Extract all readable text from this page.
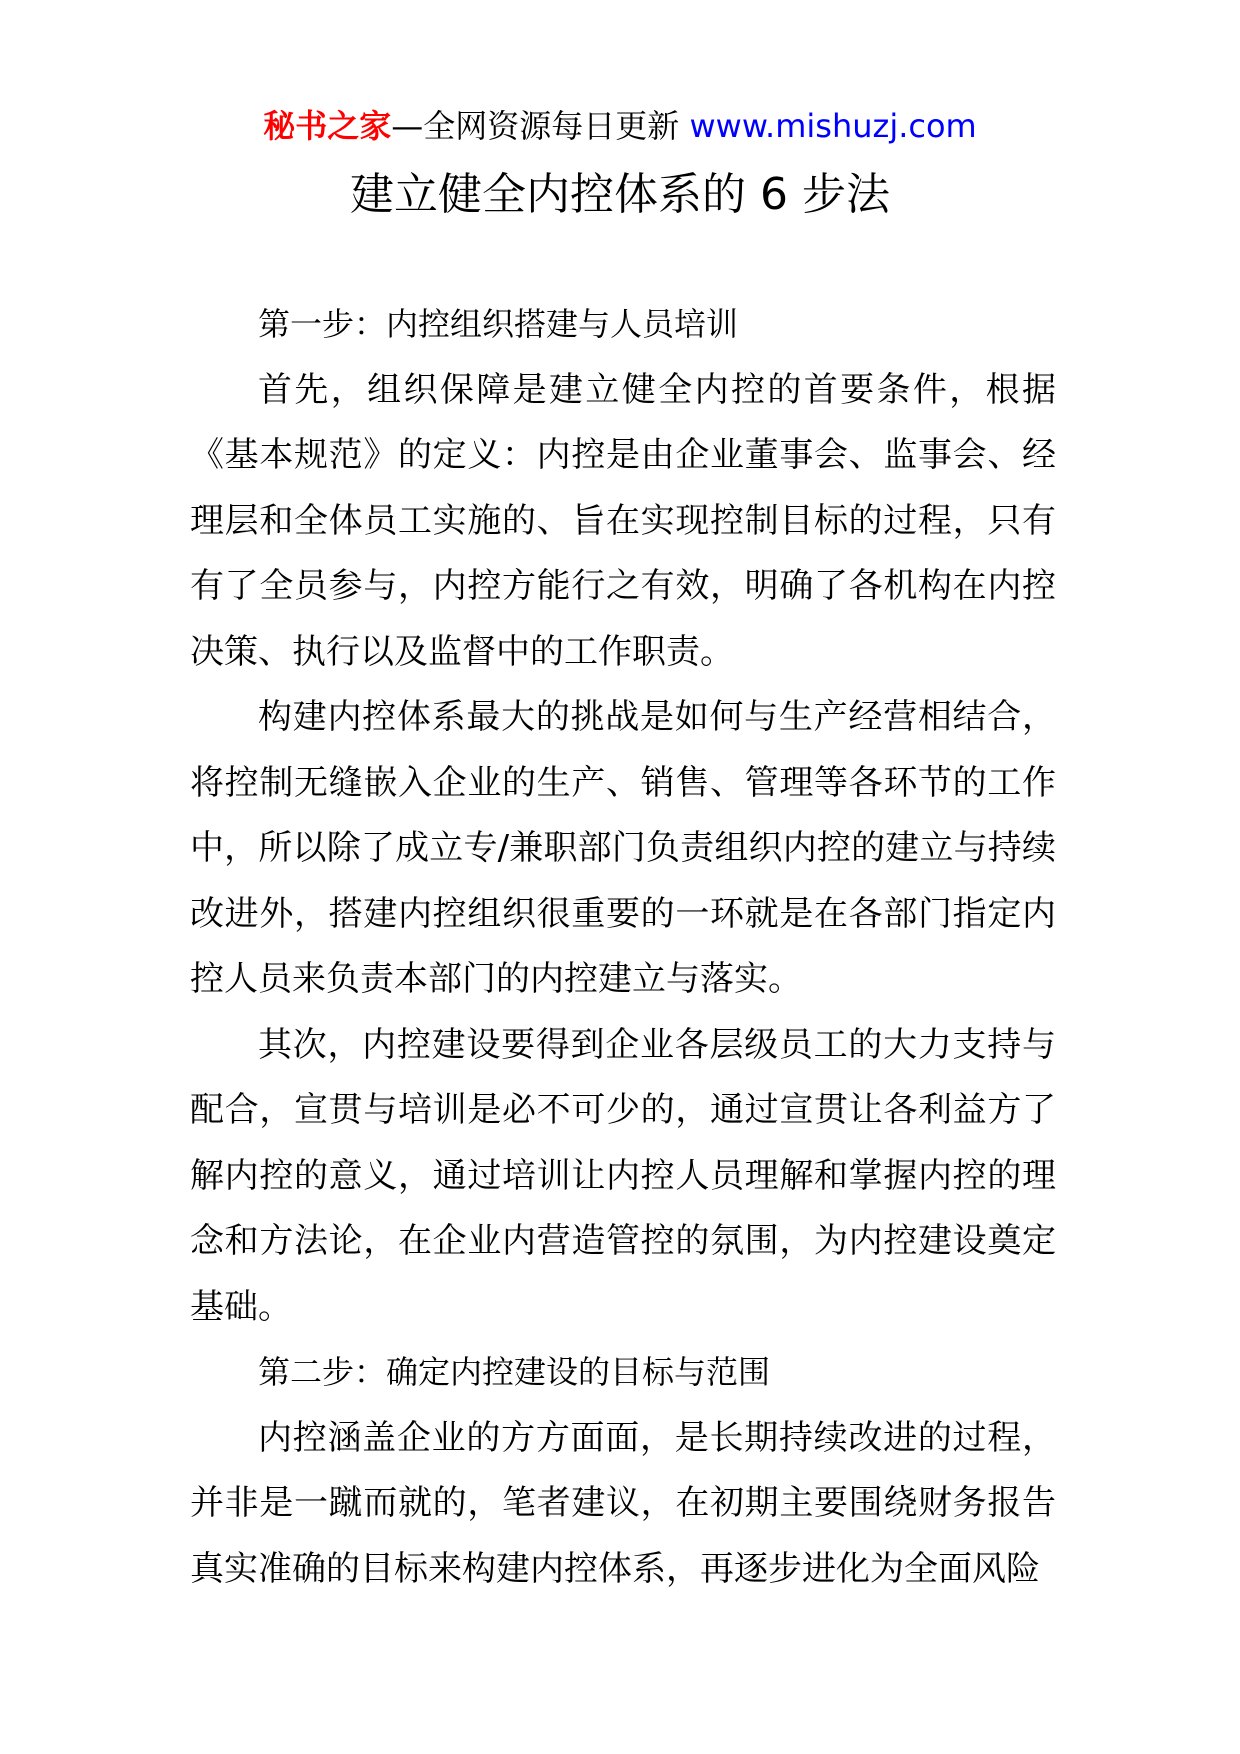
秘书之家—全网资源每日更新 www.mishuzj.com
建立健全内控体系的 6 步法

第一步：内控组织搭建与人员培训

首先，组织保障是建立健全内控的首要条件，根据《基本规范》的定义：内控是由企业董事会、监事会、经理层和全体员工实施的、旨在实现控制目标的过程，只有有了全员参与，内控方能行之有效，明确了各机构在内控决策、执行以及监督中的工作职责。

构建内控体系最大的挑战是如何与生产经营相结合，将控制无缝嵌入企业的生产、销售、管理等各环节的工作中，所以除了成立专/兼职部门负责组织内控的建立与持续改进外，搭建内控组织很重要的一环就是在各部门指定内控人员来负责本部门的内控建立与落实。

其次，内控建设要得到企业各层级员工的大力支持与配合，宣贯与培训是必不可少的，通过宣贯让各利益方了解内控的意义，通过培训让内控人员理解和掌握内控的理念和方法论，在企业内营造管控的氛围，为内控建设奠定基础。

第二步：确定内控建设的目标与范围

内控涵盖企业的方方面面，是长期持续改进的过程，并非是一蹴而就的，笔者建议，在初期主要围绕财务报告真实准确的目标来构建内控体系，再逐步进化为全面风险
